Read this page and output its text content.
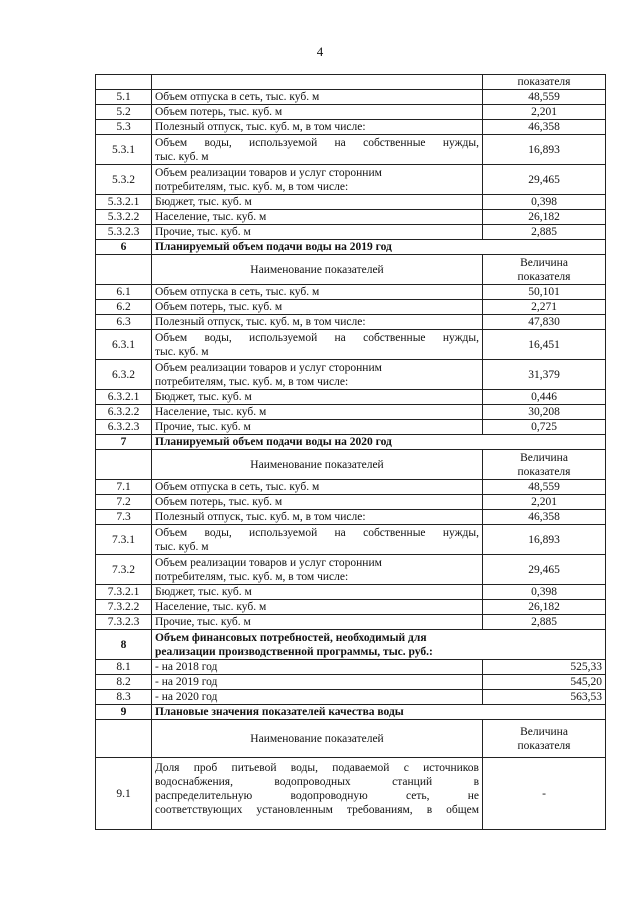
4
		показателя
5.1	Объем отпуска в сеть, тыс. куб. м	48,559
5.2	Объем потерь, тыс. куб. м	2,201
5.3	Полезный отпуск, тыс. куб. м, в том числе:	46,358
5.3.1	Объем воды, используемой на собственные нужды,
тыс. куб. м	16,893
5.3.2	Объем реализации товаров и услуг сторонним
потребителям, тыс. куб. м, в том числе:	29,465
5.3.2.1	Бюджет, тыс. куб. м	0,398
5.3.2.2	Население, тыс. куб. м	26,182
5.3.2.3	Прочие, тыс. куб. м	2,885
6	Планируемый объем подачи воды на 2019 год	
	Наименование показателей	Величина
показателя

6.1	Объем отпуска в сеть, тыс. куб. м	50,101
6.2	Объем потерь, тыс. куб. м	2,271
6.3	Полезный отпуск, тыс. куб. м, в том числе:	47,830
6.3.1	Объем воды, используемой на собственные нужды,
тыс. куб. м	16,451
6.3.2	Объем реализации товаров и услуг сторонним
потребителям, тыс. куб. м, в том числе:	31,379
6.3.2.1	Бюджет, тыс. куб. м	0,446
6.3.2.2	Население, тыс. куб. м	30,208
6.3.2.3	Прочие, тыс. куб. м	0,725
7	Планируемый объем подачи воды на 2020 год	
	Наименование показателей	Величина
показателя

7.1	Объем отпуска в сеть, тыс. куб. м	48,559
7.2	Объем потерь, тыс. куб. м	2,201
7.3	Полезный отпуск, тыс. куб. м, в том числе:	46,358
7.3.1	Объем воды, используемой на собственные нужды,
тыс. куб. м	16,893
7.3.2	Объем реализации товаров и услуг сторонним
потребителям, тыс. куб. м, в том числе:	29,465
7.3.2.1	Бюджет, тыс. куб. м	0,398
7.3.2.2	Население, тыс. куб. м	26,182
7.3.2.3	Прочие, тыс. куб. м	2,885
8	Объем финансовых потребностей, необходимый для
реализации производственной программы, тыс. руб.:	

8.1	- на 2018 год	525,33
8.2	- на 2019 год	545,20
8.3	- на 2020 год	563,53
9	Плановые значения показателей качества воды	
	Наименование показателей	Величина
показателя

9.1	Доля проб питьевой воды, подаваемой с источников
водоснабжения, водопроводных станций в
распределительную водопроводную сеть, не
соответствующих установленным требованиям, в общем	-
